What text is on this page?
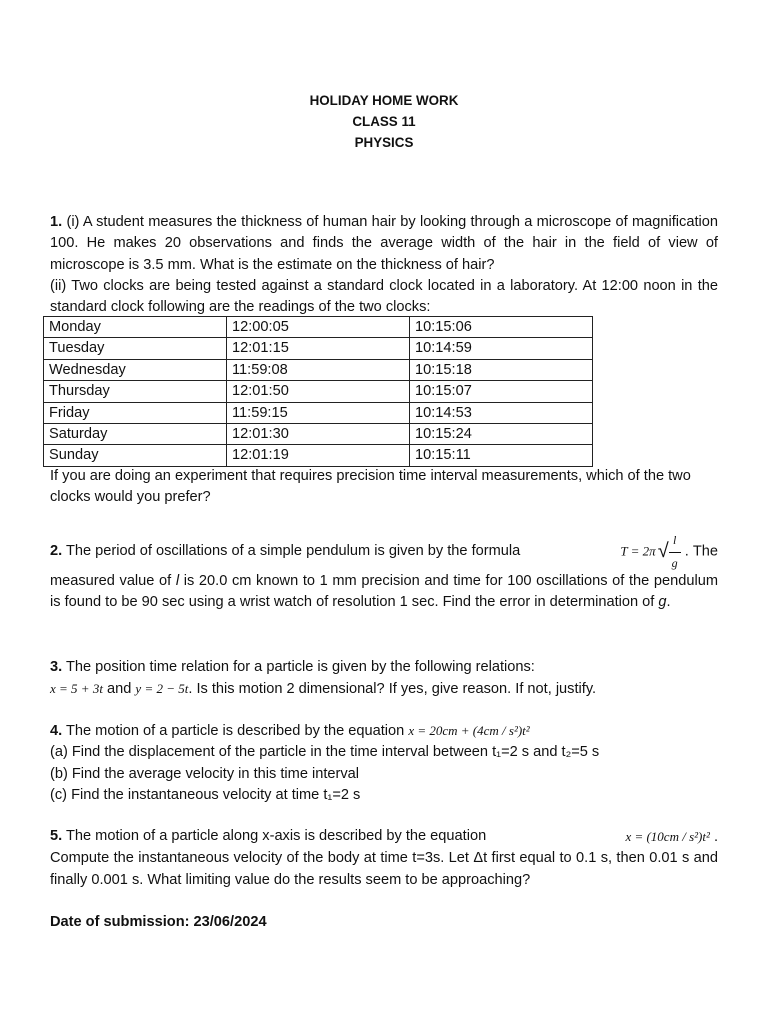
HOLIDAY HOME WORK
CLASS 11
PHYSICS
1. (i) A student measures the thickness of human hair by looking through a microscope of magnification 100. He makes 20 observations and finds the average width of the hair in the field of view of microscope is 3.5 mm. What is the estimate on the thickness of hair?
(ii) Two clocks are being tested against a standard clock located in a laboratory. At 12:00 noon in the standard clock following are the readings of the two clocks:
Monday	12:00:05	10:15:06
Tuesday	12:01:15	10:14:59
Wednesday	11:59:08	10:15:18
Thursday	12:01:50	10:15:07
Friday	11:59:15	10:14:53
Saturday	12:01:30	10:15:24
Sunday	12:01:19	10:15:11
If you are doing an experiment that requires precision time interval measurements, which of the two clocks would you prefer?
2. The period of oscillations of a simple pendulum is given by the formula	T = 2π √ $\frac{l}{g}$ . The
measured value of l is 20.0 cm known to 1 mm precision and time for 100 oscillations of the pendulum is found to be 90 sec using a wrist watch of resolution 1 sec. Find the error in determination of g.
3. The position time relation for a particle is given by the following relations:
x = 5 + 3t and y = 2 − 5t. Is this motion 2 dimensional? If yes, give reason. If not, justify.
4. The motion of a particle is described by the equation x = 20cm + (4cm / s²)t²
(a) Find the displacement of the particle in the time interval between t₁=2 s and t₂=5 s
(b) Find the average velocity in this time interval
(c) Find the instantaneous velocity at time t₁=2 s
5. The motion of a particle along x-axis is described by the equation	x = (10cm / s²)t² .
Compute the instantaneous velocity of the body at time t=3s. Let Δt first equal to 0.1 s, then 0.01 s and finally 0.001 s. What limiting value do the results seem to be approaching?
Date of submission: 23/06/2024
